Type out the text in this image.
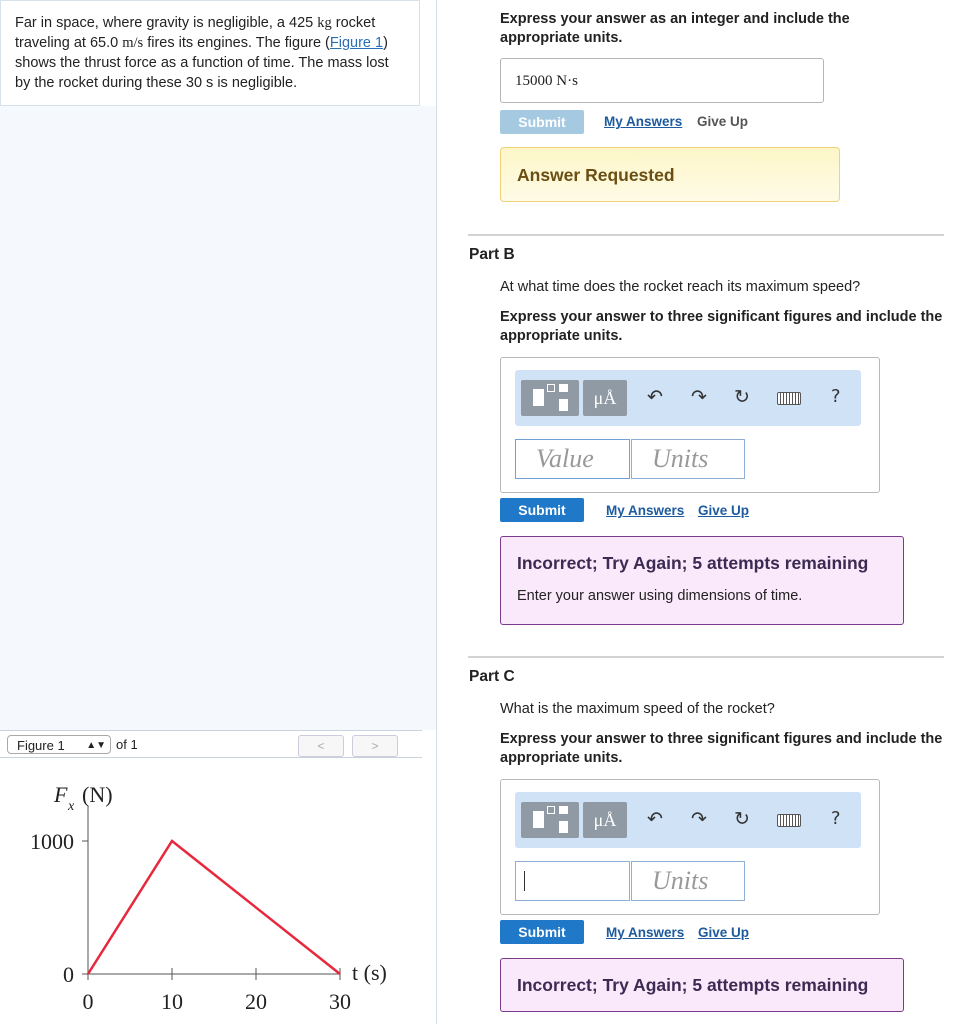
Far in space, where gravity is negligible, a 425 kg rocket traveling at 65.0 m/s fires its engines. The figure (Figure 1) shows the thrust force as a function of time. The mass lost by the rocket during these 30 s is negligible.

Figure 1 ▲▼ of 1	<	>
0	10	20	30
0
1000
F x (N)
t (s)
Express your answer as an integer and include the appropriate units.
15000 N·s
Submit	My Answers Give Up
Answer Requested
Part B
At what time does the rocket reach its maximum speed?
Express your answer to three significant figures and include the appropriate units.
μÅ	↶ ↷ ↻	?
Value	Units
Submit	My Answers Give Up
Incorrect; Try Again; 5 attempts remaining
Enter your answer using dimensions of time.
Part C
What is the maximum speed of the rocket?
Express your answer to three significant figures and include the appropriate units.
μÅ	↶ ↷ ↻	?
Units
Submit	My Answers Give Up
Incorrect; Try Again; 5 attempts remaining
